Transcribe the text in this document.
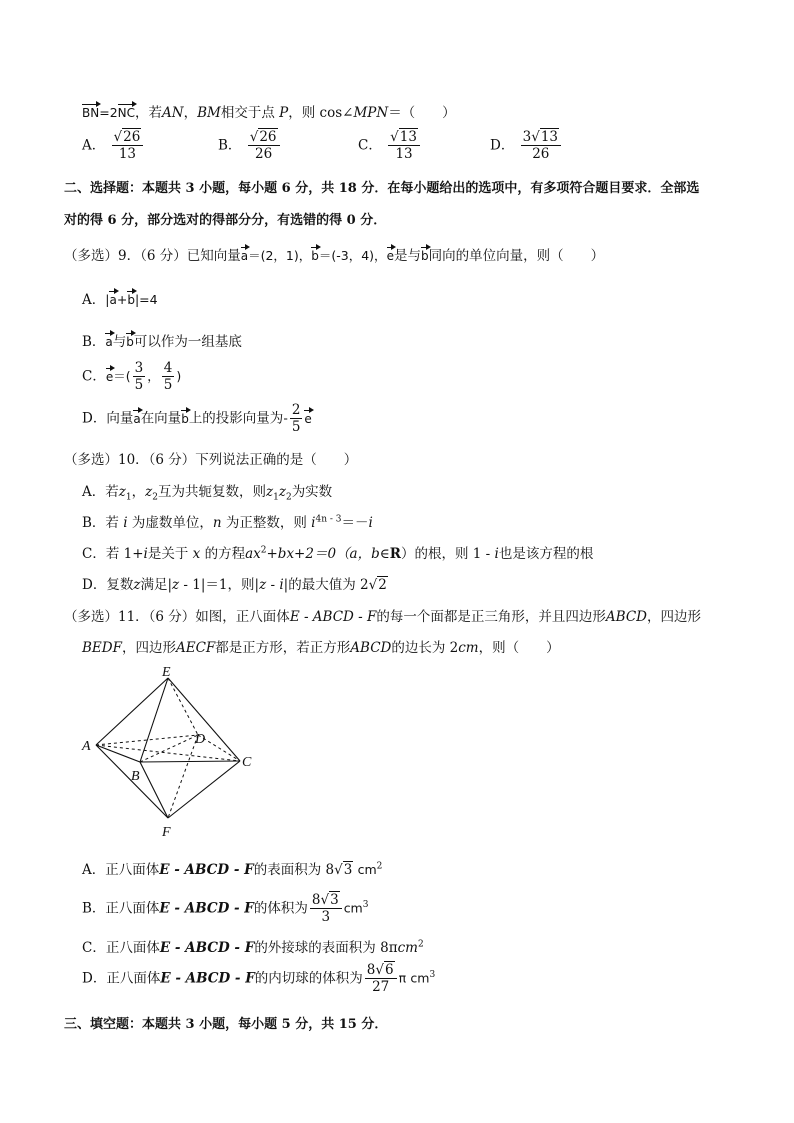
BN=2NC，若AN，BM相交于点 P，则 cos∠MPN＝（　　）
A． $\frac{√26}{13}$	B． $\frac{√26}{26}$	C． $\frac{√13}{13}$	D． $\frac{3√13}{26}$
二、选择题：本题共 3 小题，每小题 6 分，共 18 分．在每小题给出的选项中，有多项符合题目要求．全部选
对的得 6 分，部分选对的得部分分，有选错的得 0 分．
（多选）9．（6 分）已知向量a＝(2，1)，b＝(-3，4)，e是与b同向的单位向量，则（　　）
A．|a+b|=4
B．a与b可以作为一组基底
C．$e=( \frac{3}{5}$ ， $\frac{4}{5}$ )
D．向量a在向量b上的投影向量为- $\frac{2}{5}$ e
（多选）10．（6 分）下列说法正确的是（　　）
A．若$z_1$，$z_2$互为共轭复数，则$z_1z_2$为实数
B．若 i 为虚数单位，n 为正整数，则 $i^{4n - 3}=-i$
C．若 1+i是关于 x 的方程$ax^2+bx+2=0(a$，b∈R）的根，则 1 - i也是该方程的根
D．复数z满足|z - 1|＝1，则|z - i|的最大值为 2√2
（多选）11．（6 分）如图，正八面体E - ABCD - F的每一个面都是正三角形，并且四边形ABCD，四边形
BEDF，四边形AECF都是正方形，若正方形ABCD的边长为 2cm，则（　　）
E
A	D
B
C
F
A．正八面体E - ABCD - F的表面积为 8√3 $cm^2$
B．正八面体E - ABCD - F的体积为 $\frac{8√3}{3} cm^3$
C．正八面体E - ABCD - F的外接球的表面积为 8πcm$^2$
D．正八面体E - ABCD - F的内切球的体积为 $\frac{8√6}{27}$ π $cm^3$
三、填空题：本题共 3 小题，每小题 5 分，共 15 分．
